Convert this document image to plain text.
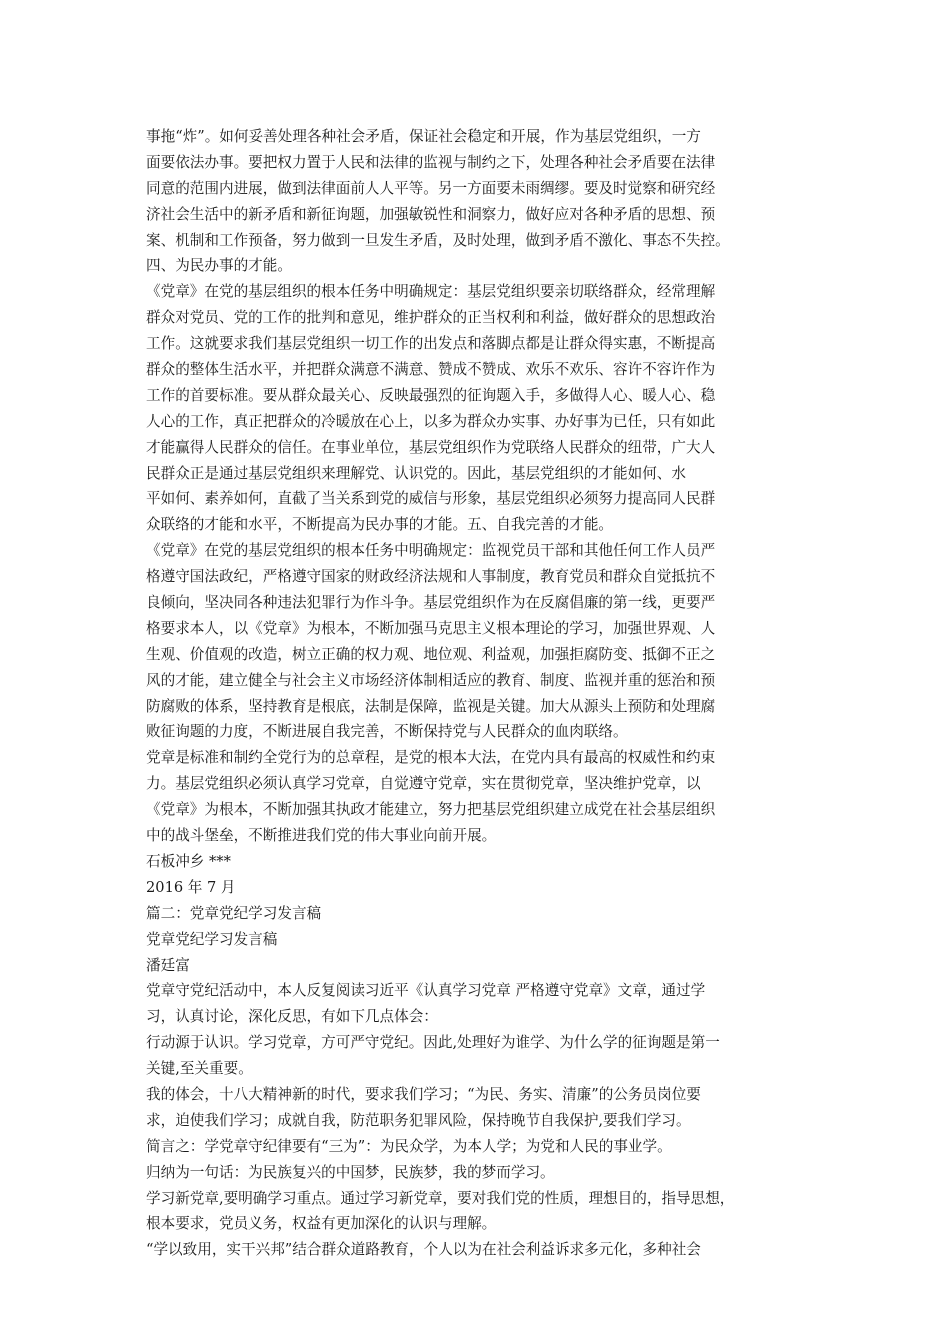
事拖“炸”。如何妥善处理各种社会矛盾，保证社会稳定和开展，作为基层党组织，一方
面要依法办事。要把权力置于人民和法律的监视与制约之下，处理各种社会矛盾要在法律
同意的范围内进展，做到法律面前人人平等。另一方面要未雨绸缪。要及时觉察和研究经
济社会生活中的新矛盾和新征询题，加强敏锐性和洞察力，做好应对各种矛盾的思想、预
案、机制和工作预备，努力做到一旦发生矛盾，及时处理，做到矛盾不激化、事态不失控。
四、为民办事的才能。
《党章》在党的基层组织的根本任务中明确规定：基层党组织要亲切联络群众，经常理解
群众对党员、党的工作的批判和意见，维护群众的正当权利和利益，做好群众的思想政治
工作。这就要求我们基层党组织一切工作的出发点和落脚点都是让群众得实惠，不断提高
群众的整体生活水平，并把群众满意不满意、赞成不赞成、欢乐不欢乐、容许不容许作为
工作的首要标准。要从群众最关心、反映最强烈的征询题入手，多做得人心、暖人心、稳
人心的工作，真正把群众的冷暖放在心上，以多为群众办实事、办好事为已任，只有如此
才能赢得人民群众的信任。在事业单位，基层党组织作为党联络人民群众的纽带，广大人
民群众正是通过基层党组织来理解党、认识党的。因此，基层党组织的才能如何、水
平如何、素养如何，直截了当关系到党的威信与形象，基层党组织必须努力提高同人民群
众联络的才能和水平，不断提高为民办事的才能。五、自我完善的才能。
《党章》在党的基层党组织的根本任务中明确规定：监视党员干部和其他任何工作人员严
格遵守国法政纪，严格遵守国家的财政经济法规和人事制度，教育党员和群众自觉抵抗不
良倾向，坚决同各种违法犯罪行为作斗争。基层党组织作为在反腐倡廉的第一线，更要严
格要求本人，以《党章》为根本，不断加强马克思主义根本理论的学习，加强世界观、人
生观、价值观的改造，树立正确的权力观、地位观、利益观，加强拒腐防变、抵御不正之
风的才能，建立健全与社会主义市场经济体制相适应的教育、制度、监视并重的惩治和预
防腐败的体系，坚持教育是根底，法制是保障，监视是关键。加大从源头上预防和处理腐
败征询题的力度，不断进展自我完善，不断保持党与人民群众的血肉联络。
党章是标准和制约全党行为的总章程，是党的根本大法，在党内具有最高的权威性和约束
力。基层党组织必须认真学习党章，自觉遵守党章，实在贯彻党章，坚决维护党章，以
《党章》为根本，不断加强其执政才能建立，努力把基层党组织建立成党在社会基层组织
中的战斗堡垒，不断推进我们党的伟大事业向前开展。
石板冲乡 ***
2016 年 7 月
篇二：党章党纪学习发言稿
党章党纪学习发言稿
潘廷富
党章守党纪活动中，本人反复阅读习近平《认真学习党章 严格遵守党章》文章，通过学
习，认真讨论，深化反思，有如下几点体会：
行动源于认识。学习党章，方可严守党纪。因此,处理好为谁学、为什么学的征询题是第一
关键,至关重要。
我的体会，十八大精神新的时代，要求我们学习；“为民、务实、清廉”的公务员岗位要
求，迫使我们学习；成就自我，防范职务犯罪风险，保持晚节自我保护,要我们学习。
简言之：学党章守纪律要有“三为”：为民众学，为本人学；为党和人民的事业学。
归纳为一句话：为民族复兴的中国梦，民族梦，我的梦而学习。
学习新党章,要明确学习重点。通过学习新党章，要对我们党的性质，理想目的，指导思想，
根本要求，党员义务，权益有更加深化的认识与理解。
“学以致用，实干兴邦”结合群众道路教育，个人以为在社会利益诉求多元化，多种社会
